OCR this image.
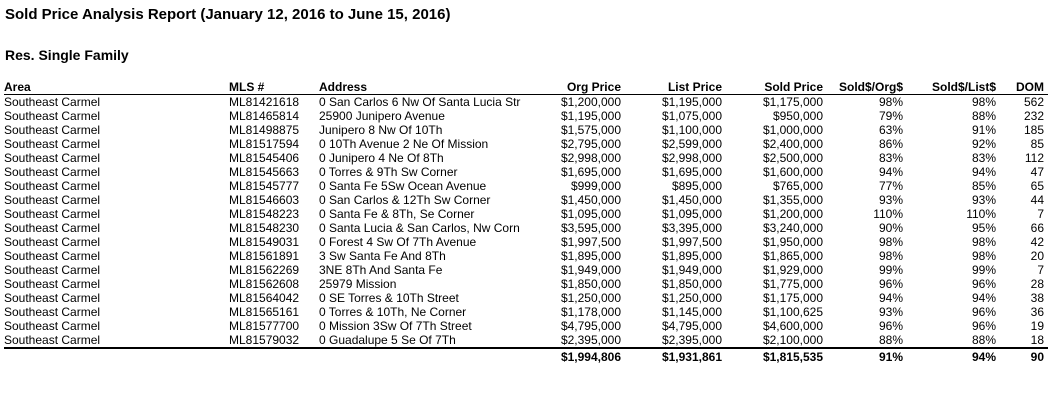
Sold Price Analysis Report (January 12, 2016 to June 15, 2016)
Res. Single Family
Area	MLS #	Address	Org Price	List Price	Sold Price	Sold$/Org$	Sold$/List$	DOM
Southeast Carmel	ML81421618	0 San Carlos 6 Nw Of Santa Lucia Str	$1,200,000	$1,195,000	$1,175,000	98%	98%	562
Southeast Carmel	ML81465814	25900 Junipero Avenue	$1,195,000	$1,075,000	$950,000	79%	88%	232
Southeast Carmel	ML81498875	Junipero 8 Nw Of 10Th	$1,575,000	$1,100,000	$1,000,000	63%	91%	185
Southeast Carmel	ML81517594	0 10Th Avenue 2 Ne Of Mission	$2,795,000	$2,599,000	$2,400,000	86%	92%	85
Southeast Carmel	ML81545406	0 Junipero 4 Ne Of 8Th	$2,998,000	$2,998,000	$2,500,000	83%	83%	112
Southeast Carmel	ML81545663	0 Torres & 9Th Sw Corner	$1,695,000	$1,695,000	$1,600,000	94%	94%	47
Southeast Carmel	ML81545777	0 Santa Fe 5Sw Ocean Avenue	$999,000	$895,000	$765,000	77%	85%	65
Southeast Carmel	ML81546603	0 San Carlos & 12Th Sw Corner	$1,450,000	$1,450,000	$1,355,000	93%	93%	44
Southeast Carmel	ML81548223	0 Santa Fe & 8Th, Se Corner	$1,095,000	$1,095,000	$1,200,000	110%	110%	7
Southeast Carmel	ML81548230	0 Santa Lucia & San Carlos, Nw Corn	$3,595,000	$3,395,000	$3,240,000	90%	95%	66
Southeast Carmel	ML81549031	0 Forest 4 Sw Of 7Th Avenue	$1,997,500	$1,997,500	$1,950,000	98%	98%	42
Southeast Carmel	ML81561891	3 Sw Santa Fe And 8Th	$1,895,000	$1,895,000	$1,865,000	98%	98%	20
Southeast Carmel	ML81562269	3NE 8Th And Santa Fe	$1,949,000	$1,949,000	$1,929,000	99%	99%	7
Southeast Carmel	ML81562608	25979 Mission	$1,850,000	$1,850,000	$1,775,000	96%	96%	28
Southeast Carmel	ML81564042	0 SE Torres & 10Th Street	$1,250,000	$1,250,000	$1,175,000	94%	94%	38
Southeast Carmel	ML81565161	0 Torres & 10Th, Ne Corner	$1,178,000	$1,145,000	$1,100,625	93%	96%	36
Southeast Carmel	ML81577700	0 Mission 3Sw Of 7Th Street	$4,795,000	$4,795,000	$4,600,000	96%	96%	19
Southeast Carmel	ML81579032	0 Guadalupe 5 Se Of 7Th	$2,395,000	$2,395,000	$2,100,000	88%	88%	18
			$1,994,806	$1,931,861	$1,815,535	91%	94%	90
